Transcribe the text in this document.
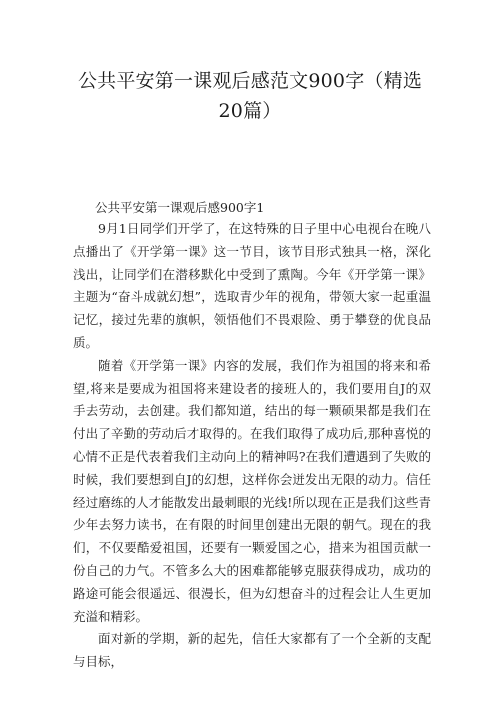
公共平安第一课观后感范文900字（精选20篇）
公共平安第一课观后感900字1

9月1日同学们开学了，在这特殊的日子里中心电视台在晚八点播出了《开学第一课》这一节目，该节目形式独具一格，深化浅出，让同学们在潜移默化中受到了熏陶。今年《开学第一课》主题为“奋斗成就幻想”，选取青少年的视角，带领大家一起重温记忆，接过先辈的旗帜，领悟他们不畏艰险、勇于攀登的优良品质。

随着《开学第一课》内容的发展，我们作为祖国的将来和希望,将来是要成为祖国将来建设者的接班人的，我们要用自J的双手去劳动，去创建。我们都知道，结出的每一颗硕果都是我们在付出了辛勤的劳动后才取得的。在我们取得了成功后,那种喜悦的心情不正是代表着我们主动向上的精神吗?在我们遭遇到了失败的时候，我们要想到自J的幻想，这样你会迸发出无限的动力。信任经过磨练的人才能散发出最刺眼的光线!所以现在正是我们这些青少年去努力读书，在有限的时间里创建出无限的朝气。现在的我们，不仅要酷爱祖国，还要有一颗爱国之心，措来为祖国贡献一份自己的力气。不管多么大的困难都能够克服获得成功，成功的路途可能会很遥远、很漫长，但为幻想奋斗的过程会让人生更加充溢和精彩。

面对新的学期，新的起先，信任大家都有了一个全新的支配与目标，
